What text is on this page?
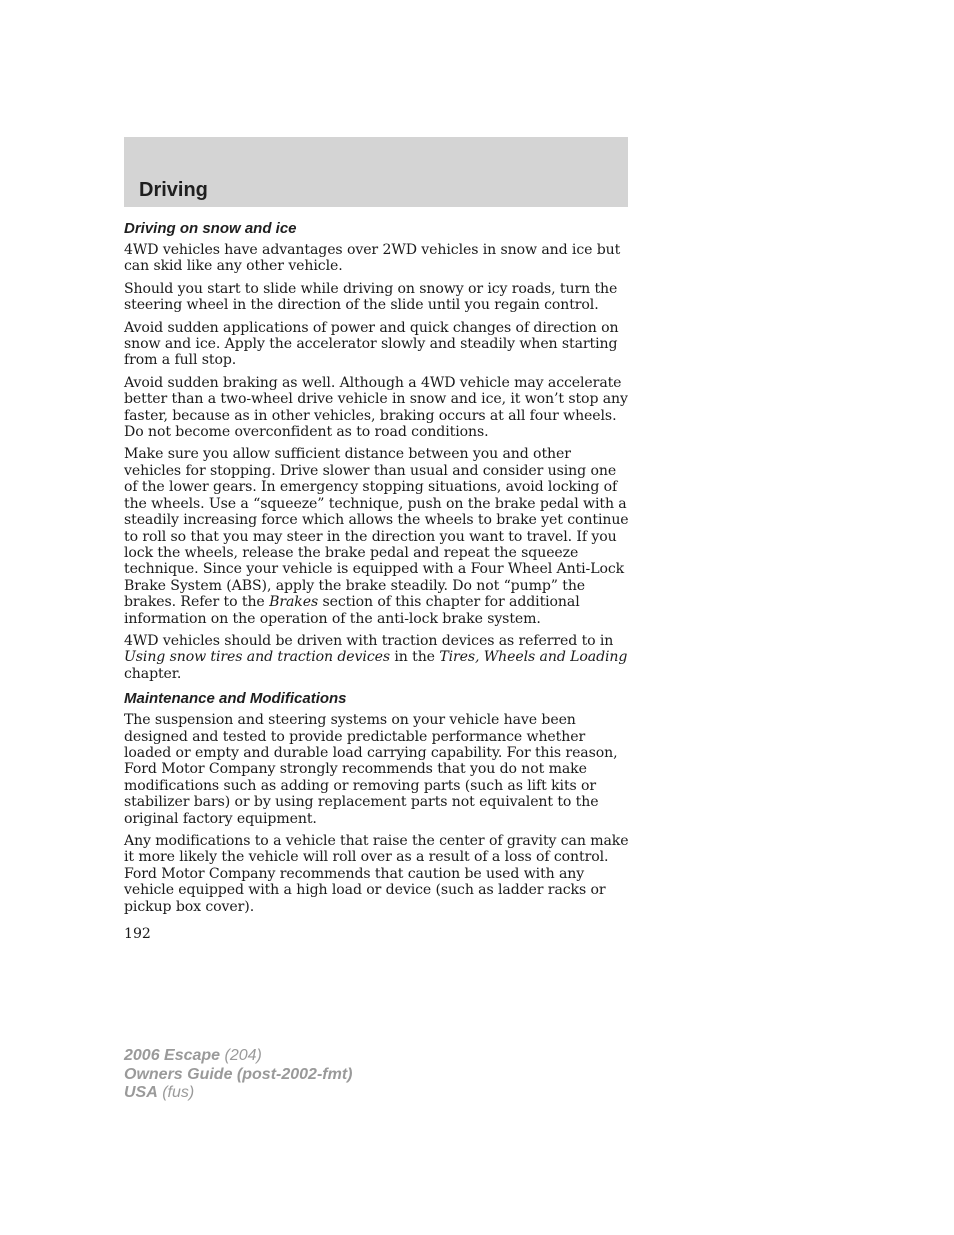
Driving
Driving on snow and ice

4WD vehicles have advantages over 2WD vehicles in snow and ice but can skid like any other vehicle.

Should you start to slide while driving on snowy or icy roads, turn the steering wheel in the direction of the slide until you regain control.

Avoid sudden applications of power and quick changes of direction on snow and ice. Apply the accelerator slowly and steadily when starting from a full stop.

Avoid sudden braking as well. Although a 4WD vehicle may accelerate better than a two-wheel drive vehicle in snow and ice, it won’t stop any faster, because as in other vehicles, braking occurs at all four wheels. Do not become overconfident as to road conditions.

Make sure you allow sufficient distance between you and other vehicles for stopping. Drive slower than usual and consider using one of the lower gears. In emergency stopping situations, avoid locking of the wheels. Use a “squeeze” technique, push on the brake pedal with a steadily increasing force which allows the wheels to brake yet continue to roll so that you may steer in the direction you want to travel. If you lock the wheels, release the brake pedal and repeat the squeeze technique. Since your vehicle is equipped with a Four Wheel Anti-Lock Brake System (ABS), apply the brake steadily. Do not “pump” the brakes. Refer to the Brakes section of this chapter for additional information on the operation of the anti-lock brake system.

4WD vehicles should be driven with traction devices as referred to in Using snow tires and traction devices in the Tires, Wheels and Loading chapter.

Maintenance and Modifications

The suspension and steering systems on your vehicle have been designed and tested to provide predictable performance whether loaded or empty and durable load carrying capability. For this reason, Ford Motor Company strongly recommends that you do not make modifications such as adding or removing parts (such as lift kits or stabilizer bars) or by using replacement parts not equivalent to the original factory equipment.

Any modifications to a vehicle that raise the center of gravity can make it more likely the vehicle will roll over as a result of a loss of control. Ford Motor Company recommends that caution be used with any vehicle equipped with a high load or device (such as ladder racks or pickup box cover).

192
2006 Escape (204)
Owners Guide (post-2002-fmt)
USA (fus)
